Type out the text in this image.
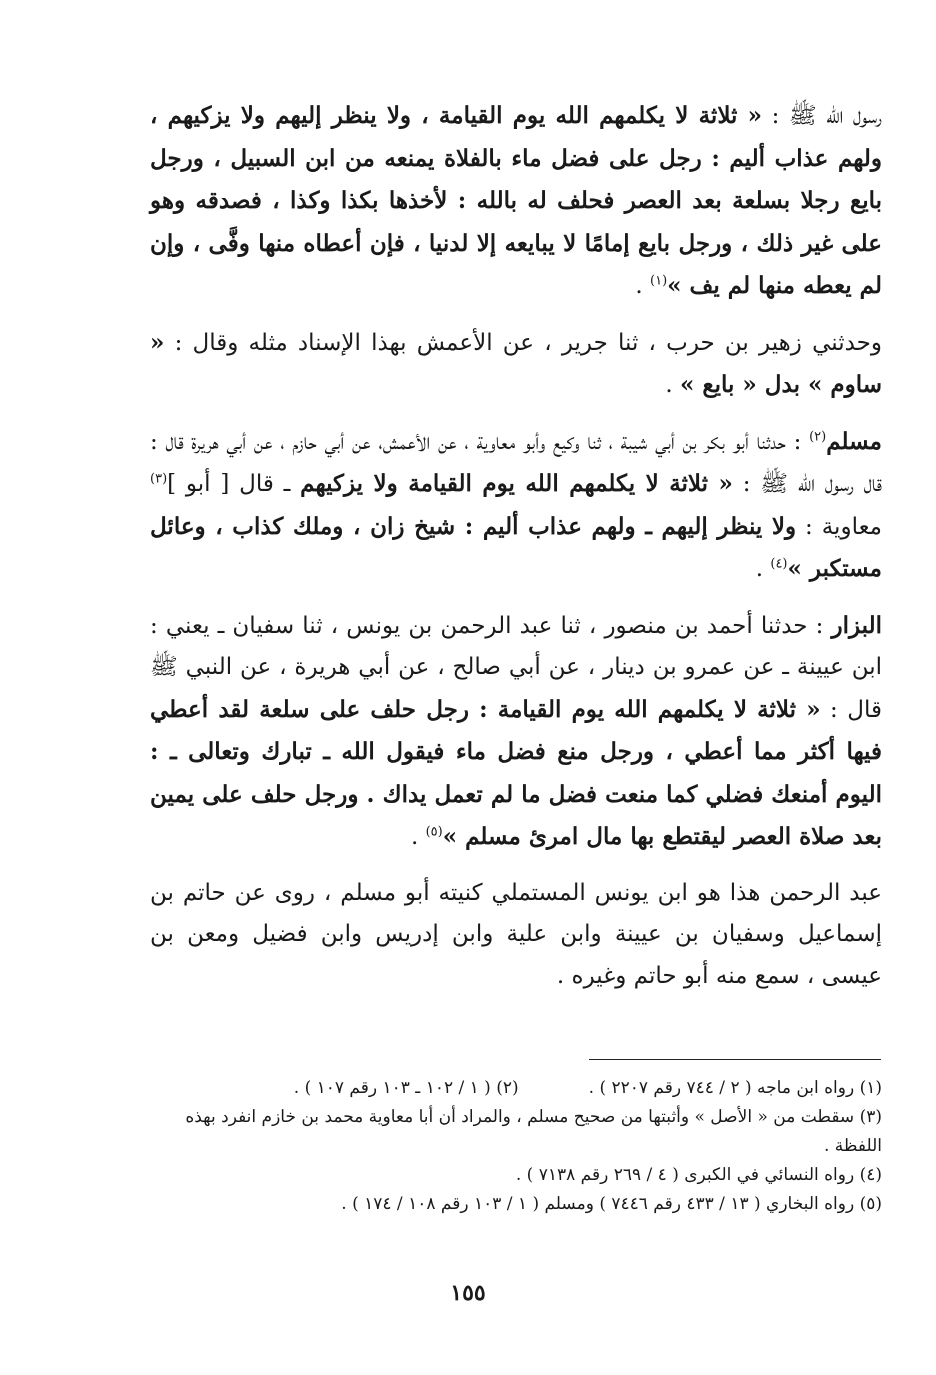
رسول الله ﷺ : « ثلاثة لا يكلمهم الله يوم القيامة ، ولا ينظر إليهم ولا يزكيهم ، ولهم عذاب أليم : رجل على فضل ماء بالفلاة يمنعه من ابن السبيل ، ورجل بايع رجلا بسلعة بعد العصر فحلف له بالله : لأخذها بكذا وكذا ، فصدقه وهو على غير ذلك ، ورجل بايع إمامًا لا يبايعه إلا لدنيا ، فإن أعطاه منها وفَّى ، وإن لم يعطه منها لم يف »$^{(١)}$ .

وحدثني زهير بن حرب ، ثنا جرير ، عن الأعمش بهذا الإسناد مثله وقال : « ساوم » بدل « بايع » .

مسلم$^{(٢)}$ : حدثنا أبو بكر بن أبي شيبة ، ثنا وكيع وأبو معاوية ، عن الأعمش، عن أبي حازم ، عن أبي هريرة قال : قال رسول الله ﷺ : « ثلاثة لا يكلمهم الله يوم القيامة ولا يزكيهم ـ قال [ أبو ]$^{(٣)}$ معاوية : ولا ينظر إليهم ـ ولهم عذاب أليم : شيخ زان ، وملك كذاب ، وعائل مستكبر »$^{(٤)}$ .

البزار : حدثنا أحمد بن منصور ، ثنا عبد الرحمن بن يونس ، ثنا سفيان ـ يعني : ابن عيينة ـ عن عمرو بن دينار ، عن أبي صالح ، عن أبي هريرة ، عن النبي ﷺ قال : « ثلاثة لا يكلمهم الله يوم القيامة : رجل حلف على سلعة لقد أعطي فيها أكثر مما أعطي ، ورجل منع فضل ماء فيقول الله ـ تبارك وتعالى ـ : اليوم أمنعك فضلي كما منعت فضل ما لم تعمل يداك . ورجل حلف على يمين بعد صلاة العصر ليقتطع بها مال امرئ مسلم »$^{(٥)}$ .

عبد الرحمن هذا هو ابن يونس المستملي كنيته أبو مسلم ، روى عن حاتم بن إسماعيل وسفيان بن عيينة وابن علية وابن إدريس وابن فضيل ومعن بن عيسى ، سمع منه أبو حاتم وغيره .

(١) رواه ابن ماجه ( ٢ / ٧٤٤ رقم ٢٢٠٧ ) .(٢) ( ١ / ١٠٢ ـ ١٠٣ رقم ١٠٧ ) .

(٣) سقطت من « الأصل » وأثبتها من صحيح مسلم ، والمراد أن أبا معاوية محمد بن خازم انفرد بهذه اللفظة .

(٤) رواه النسائي في الكبرى ( ٤ / ٢٦٩ رقم ٧١٣٨ ) .

(٥) رواه البخاري ( ١٣ / ٤٣٣ رقم ٧٤٤٦ ) ومسلم ( ١ / ١٠٣ رقم ١٠٨ / ١٧٤ ) .

١٥٥
